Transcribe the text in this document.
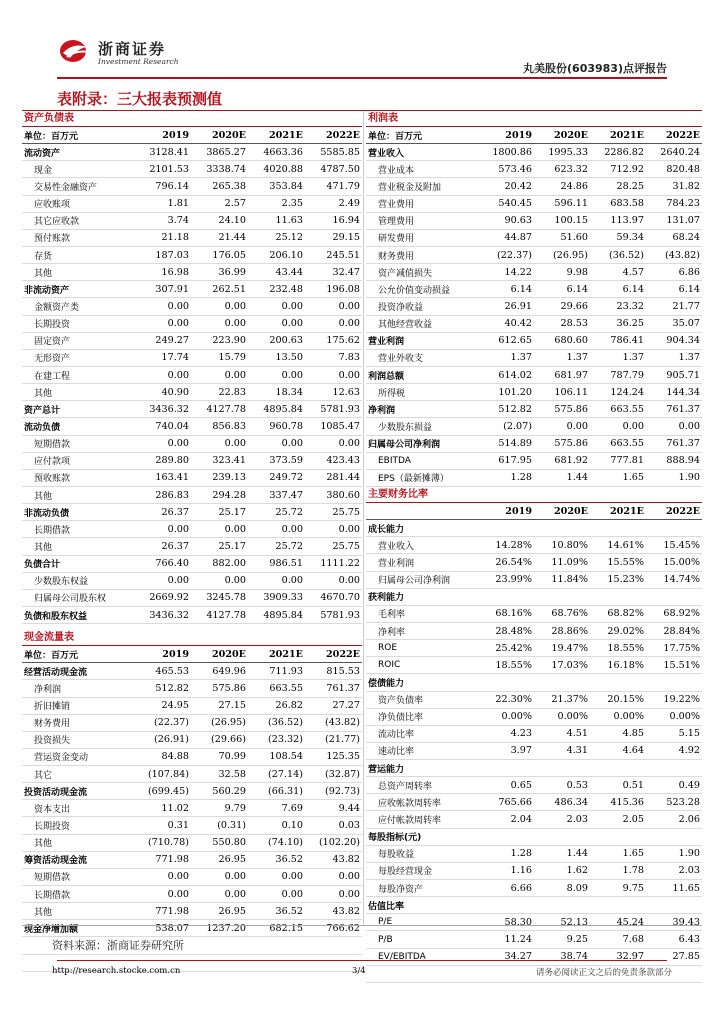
浙商证券
Investment Research
丸美股份(603983)点评报告
表附录：三大报表预测值
资产负债表
单位：百万元	2019	2020E	2021E	2022E
流动资产	3128.41	3865.27	4663.36	5585.85
现金	2101.53	3338.74	4020.88	4787.50
交易性金融资产	796.14	265.38	353.84	471.79
应收账项	1.81	2.57	2.35	2.49
其它应收款	3.74	24.10	11.63	16.94
预付账款	21.18	21.44	25.12	29.15
存货	187.03	176.05	206.10	245.51
其他	16.98	36.99	43.44	32.47
非流动资产	307.91	262.51	232.48	196.08
金额资产类	0.00	0.00	0.00	0.00
长期投资	0.00	0.00	0.00	0.00
固定资产	249.27	223.90	200.63	175.62
无形资产	17.74	15.79	13.50	7.83
在建工程	0.00	0.00	0.00	0.00
其他	40.90	22.83	18.34	12.63
资产总计	3436.32	4127.78	4895.84	5781.93
流动负债	740.04	856.83	960.78	1085.47
短期借款	0.00	0.00	0.00	0.00
应付款项	289.80	323.41	373.59	423.43
预收账款	163.41	239.13	249.72	281.44
其他	286.83	294.28	337.47	380.60
非流动负债	26.37	25.17	25.72	25.75
长期借款	0.00	0.00	0.00	0.00
其他	26.37	25.17	25.72	25.75
负债合计	766.40	882.00	986.51	1111.22
少数股东权益	0.00	0.00	0.00	0.00
归属母公司股东权	2669.92	3245.78	3909.33	4670.70
负债和股东权益	3436.32	4127.78	4895.84	5781.93
现金流量表
单位：百万元	2019	2020E	2021E	2022E
经营活动现金流	465.53	649.96	711.93	815.53
净利润	512.82	575.86	663.55	761.37
折旧摊销	24.95	27.15	26.82	27.27
财务费用	(22.37)	(26.95)	(36.52)	(43.82)
投资损失	(26.91)	(29.66)	(23.32)	(21.77)
营运资金变动	84.88	70.99	108.54	125.35
其它	(107.84)	32.58	(27.14)	(32.87)
投资活动现金流	(699.45)	560.29	(66.31)	(92.73)
资本支出	11.02	9.79	7.69	9.44
长期投资	0.31	(0.31)	0.10	0.03
其他	(710.78)	550.80	(74.10)	(102.20)
筹资活动现金流	771.98	26.95	36.52	43.82
短期借款	0.00	0.00	0.00	0.00
长期借款	0.00	0.00	0.00	0.00
其他	771.98	26.95	36.52	43.82
现金净增加额	538.07	1237.20	682.15	766.62

利润表
单位：百万元	2019	2020E	2021E	2022E
营业收入	1800.86	1995.33	2286.82	2640.24
营业成本	573.46	623.32	712.92	820.48
营业税金及附加	20.42	24.86	28.25	31.82
营业费用	540.45	596.11	683.58	784.23
管理费用	90.63	100.15	113.97	131.07
研发费用	44.87	51.60	59.34	68.24
财务费用	(22.37)	(26.95)	(36.52)	(43.82)
资产减值损失	14.22	9.98	4.57	6.86
公允价值变动损益	6.14	6.14	6.14	6.14
投资净收益	26.91	29.66	23.32	21.77
其他经营收益	40.42	28.53	36.25	35.07
营业利润	612.65	680.60	786.41	904.34
营业外收支	1.37	1.37	1.37	1.37
利润总额	614.02	681.97	787.79	905.71
所得税	101.20	106.11	124.24	144.34
净利润	512.82	575.86	663.55	761.37
少数股东损益	(2.07)	0.00	0.00	0.00
归属母公司净利润	514.89	575.86	663.55	761.37
EBITDA	617.95	681.92	777.81	888.94
EPS（最新摊薄）	1.28	1.44	1.65	1.90
主要财务比率
	2019	2020E	2021E	2022E
成长能力				
营业收入	14.28%	10.80%	14.61%	15.45%
营业利润	26.54%	11.09%	15.55%	15.00%
归属母公司净利润	23.99%	11.84%	15.23%	14.74%
获利能力				
毛利率	68.16%	68.76%	68.82%	68.92%
净利率	28.48%	28.86%	29.02%	28.84%
ROE	25.42%	19.47%	18.55%	17.75%
ROIC	18.55%	17.03%	16.18%	15.51%
偿债能力				
资产负债率	22.30%	21.37%	20.15%	19.22%
净负债比率	0.00%	0.00%	0.00%	0.00%
流动比率	4.23	4.51	4.85	5.15
速动比率	3.97	4.31	4.64	4.92
营运能力				
总资产周转率	0.65	0.53	0.51	0.49
应收帐款周转率	765.66	486.34	415.36	523.28
应付帐款周转率	2.04	2.03	2.05	2.06
每股指标(元)				
每股收益	1.28	1.44	1.65	1.90
每股经营现金	1.16	1.62	1.78	2.03
每股净资产	6.66	8.09	9.75	11.65
估值比率				
P/E	58.30	52.13	45.24	39.43
P/B	11.24	9.25	7.68	6.43
EV/EBITDA	34.27	38.74	32.97	27.85

资料来源：浙商证券研究所
http://research.stocke.com.cn	3/4	请务必阅读正文之后的免责条款部分
